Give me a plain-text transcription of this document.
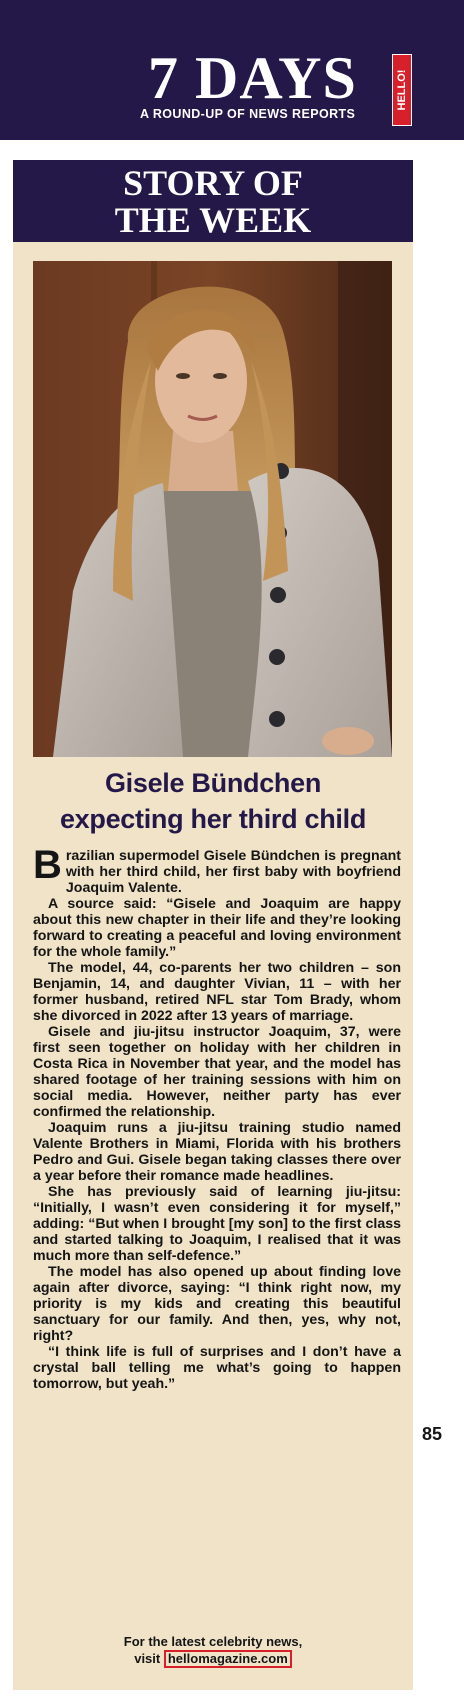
7 DAYS	HELLO!
A ROUND-UP OF NEWS REPORTS
STORY OF
THE WEEK
Gisele Bündchen
expecting her third child

Brazilian supermodel Gisele Bündchen is pregnant with her third child, her first baby with boyfriend Joaquim Valente.

A source said: “Gisele and Joaquim are happy about this new chapter in their life and they’re looking forward to creating a peaceful and loving environment for the whole family.”

The model, 44, co-parents her two children – son Benjamin, 14, and daughter Vivian, 11 – with her former husband, retired NFL star Tom Brady, whom she divorced in 2022 after 13 years of marriage.

Gisele and jiu-jitsu instructor Joaquim, 37, were first seen together on holiday with her children in Costa Rica in November that year, and the model has shared footage of her training sessions with him on social media. However, neither party has ever confirmed the relationship.

Joaquim runs a jiu-jitsu training studio named Valente Brothers in Miami, Florida with his brothers Pedro and Gui. Gisele began taking classes there over a year before their romance made headlines.

She has previously said of learning jiu-jitsu: “Initially, I wasn’t even considering it for myself,” adding: “But when I brought [my son] to the first class and started talking to Joaquim, I realised that it was much more than self-defence.”

The model has also opened up about finding love again after divorce, saying: “I think right now, my priority is my kids and creating this beautiful sanctuary for our family. And then, yes, why not, right?

“I think life is full of surprises and I don’t have a crystal ball telling me what’s going to happen tomorrow, but yeah.”

For the latest celebrity news,
visit hellomagazine.com
85
